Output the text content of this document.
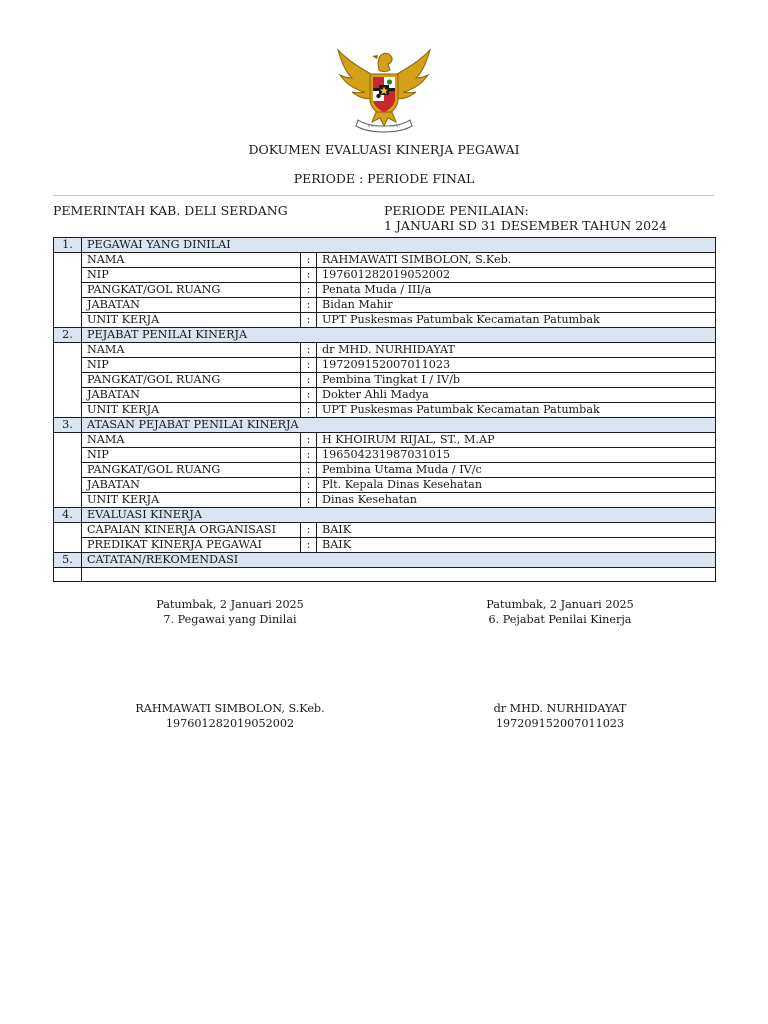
DOKUMEN EVALUASI KINERJA PEGAWAI
PERIODE : PERIODE FINAL
PEMERINTAH KAB. DELI SERDANG	PERIODE PENILAIAN:
1 JANUARI SD 31 DESEMBER TAHUN 2024
1.	PEGAWAI YANG DINILAI		
	NAMA	:	RAHMAWATI SIMBOLON, S.Keb.
	NIP	:	197601282019052002
	PANGKAT/GOL RUANG	:	Penata Muda / III/a
	JABATAN	:	Bidan Mahir
	UNIT KERJA	:	UPT Puskesmas Patumbak Kecamatan Patumbak
2.	PEJABAT PENILAI KINERJA		
	NAMA	:	dr MHD. NURHIDAYAT
	NIP	:	197209152007011023
	PANGKAT/GOL RUANG	:	Pembina Tingkat I / IV/b
	JABATAN	:	Dokter Ahli Madya
	UNIT KERJA	:	UPT Puskesmas Patumbak Kecamatan Patumbak
3.	ATASAN PEJABAT PENILAI KINERJA		
	NAMA	:	H KHOIRUM RIJAL, ST., M.AP
	NIP	:	196504231987031015
	PANGKAT/GOL RUANG	:	Pembina Utama Muda / IV/c
	JABATAN	:	Plt. Kepala Dinas Kesehatan
	UNIT KERJA	:	Dinas Kesehatan
4.	EVALUASI KINERJA		
	CAPAIAN KINERJA ORGANISASI	:	BAIK
	PREDIKAT KINERJA PEGAWAI	:	BAIK
5.	CATATAN/REKOMENDASI		

Patumbak, 2 Januari 2025
7. Pegawai yang Dinilai
Patumbak, 2 Januari 2025
6. Pejabat Penilai Kinerja
RAHMAWATI SIMBOLON, S.Keb.
197601282019052002
dr MHD. NURHIDAYAT
197209152007011023
